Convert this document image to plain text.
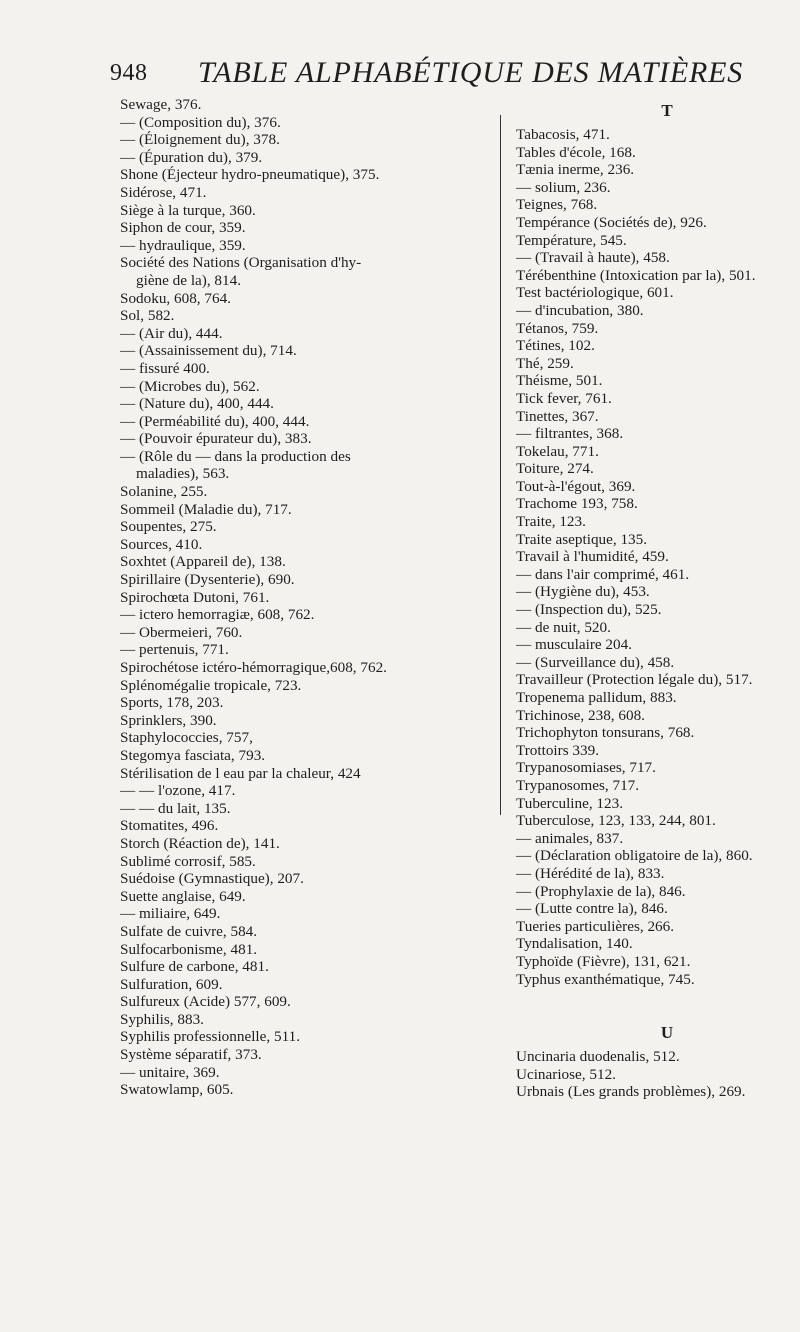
948 TABLE ALPHABÉTIQUE DES MATIÈRES
Sewage, 376.
— (Composition du), 376.
— (Éloignement du), 378.
— (Épuration du), 379.
Shone (Éjecteur hydro-pneumatique), 375.
Sidérose, 471.
Siège à la turque, 360.
Siphon de cour, 359.
— hydraulique, 359.
Société des Nations (Organisation d'hy-
giène de la), 814.
Sodoku, 608, 764.
Sol, 582.
— (Air du), 444.
— (Assainissement du), 714.
— fissuré 400.
— (Microbes du), 562.
— (Nature du), 400, 444.
— (Perméabilité du), 400, 444.
— (Pouvoir épurateur du), 383.
— (Rôle du — dans la production des
maladies), 563.
Solanine, 255.
Sommeil (Maladie du), 717.
Soupentes, 275.
Sources, 410.
Soxhtet (Appareil de), 138.
Spirillaire (Dysenterie), 690.
Spirochœta Dutoni, 761.
— ictero hemorragiæ, 608, 762.
— Obermeieri, 760.
— pertenuis, 771.
Spirochétose ictéro-hémorragique,608, 762.
Splénomégalie tropicale, 723.
Sports, 178, 203.
Sprinklers, 390.
Staphylococcies, 757,
Stegomya fasciata, 793.
Stérilisation de l eau par la chaleur, 424
— — l'ozone, 417.
— — du lait, 135.
Stomatites, 496.
Storch (Réaction de), 141.
Sublimé corrosif, 585.
Suédoise (Gymnastique), 207.
Suette anglaise, 649.
— miliaire, 649.
Sulfate de cuivre, 584.
Sulfocarbonisme, 481.
Sulfure de carbone, 481.
Sulfuration, 609.
Sulfureux (Acide) 577, 609.
Syphilis, 883.
Syphilis professionnelle, 511.
Système séparatif, 373.
— unitaire, 369.
Swatowlamp, 605.
T
Tabacosis, 471.
Tables d'école, 168.
Tænia inerme, 236.
— solium, 236.
Teignes, 768.
Tempérance (Sociétés de), 926.
Température, 545.
— (Travail à haute), 458.
Térébenthine (Intoxication par la), 501.
Test bactériologique, 601.
— d'incubation, 380.
Tétanos, 759.
Tétines, 102.
Thé, 259.
Théisme, 501.
Tick fever, 761.
Tinettes, 367.
— filtrantes, 368.
Tokelau, 771.
Toiture, 274.
Tout-à-l'égout, 369.
Trachome 193, 758.
Traite, 123.
Traite aseptique, 135.
Travail à l'humidité, 459.
— dans l'air comprimé, 461.
— (Hygiène du), 453.
— (Inspection du), 525.
— de nuit, 520.
— musculaire 204.
— (Surveillance du), 458.
Travailleur (Protection légale du), 517.
Tropenema pallidum, 883.
Trichinose, 238, 608.
Trichophyton tonsurans, 768.
Trottoirs 339.
Trypanosomiases, 717.
Trypanosomes, 717.
Tuberculine, 123.
Tuberculose, 123, 133, 244, 801.
— animales, 837.
— (Déclaration obligatoire de la), 860.
— (Hérédité de la), 833.
— (Prophylaxie de la), 846.
— (Lutte contre la), 846.
Tueries particulières, 266.
Tyndalisation, 140.
Typhoïde (Fièvre), 131, 621.
Typhus exanthématique, 745.
U
Uncinaria duodenalis, 512.
Ucinariose, 512.
Urbnais (Les grands problèmes), 269.
